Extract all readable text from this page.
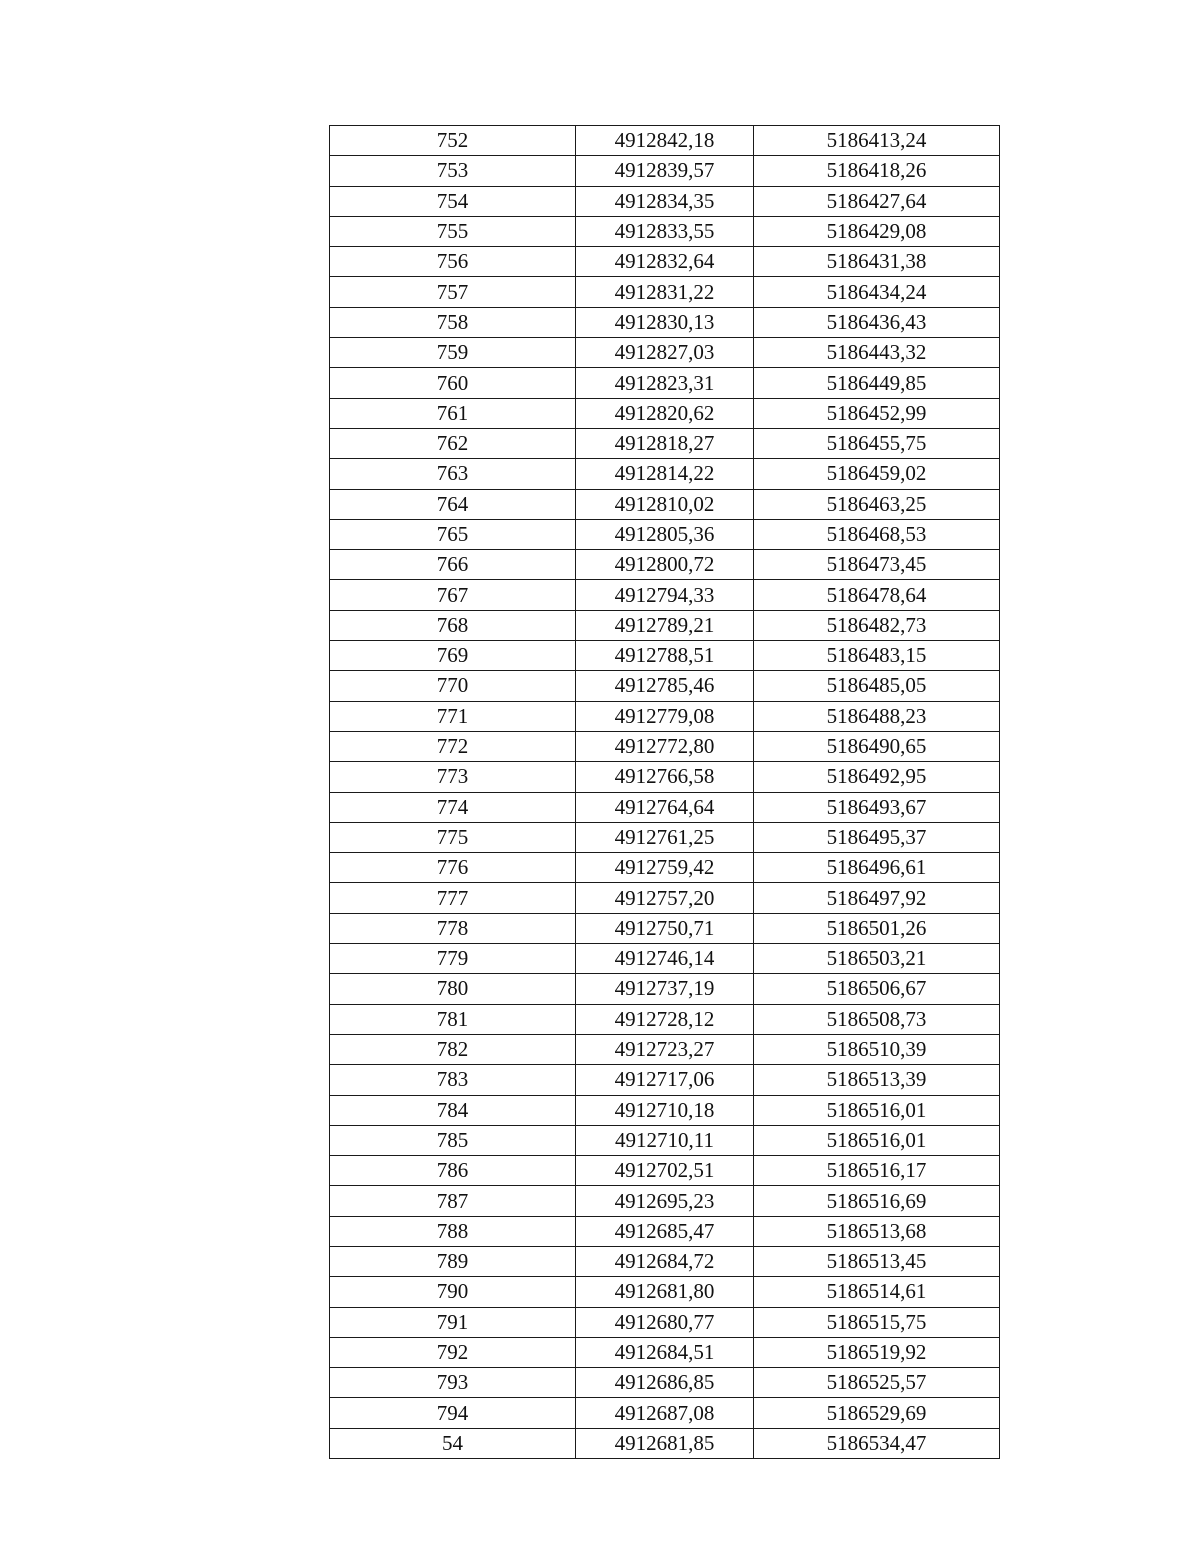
752	4912842,18	5186413,24
753	4912839,57	5186418,26
754	4912834,35	5186427,64
755	4912833,55	5186429,08
756	4912832,64	5186431,38
757	4912831,22	5186434,24
758	4912830,13	5186436,43
759	4912827,03	5186443,32
760	4912823,31	5186449,85
761	4912820,62	5186452,99
762	4912818,27	5186455,75
763	4912814,22	5186459,02
764	4912810,02	5186463,25
765	4912805,36	5186468,53
766	4912800,72	5186473,45
767	4912794,33	5186478,64
768	4912789,21	5186482,73
769	4912788,51	5186483,15
770	4912785,46	5186485,05
771	4912779,08	5186488,23
772	4912772,80	5186490,65
773	4912766,58	5186492,95
774	4912764,64	5186493,67
775	4912761,25	5186495,37
776	4912759,42	5186496,61
777	4912757,20	5186497,92
778	4912750,71	5186501,26
779	4912746,14	5186503,21
780	4912737,19	5186506,67
781	4912728,12	5186508,73
782	4912723,27	5186510,39
783	4912717,06	5186513,39
784	4912710,18	5186516,01
785	4912710,11	5186516,01
786	4912702,51	5186516,17
787	4912695,23	5186516,69
788	4912685,47	5186513,68
789	4912684,72	5186513,45
790	4912681,80	5186514,61
791	4912680,77	5186515,75
792	4912684,51	5186519,92
793	4912686,85	5186525,57
794	4912687,08	5186529,69
54	4912681,85	5186534,47
